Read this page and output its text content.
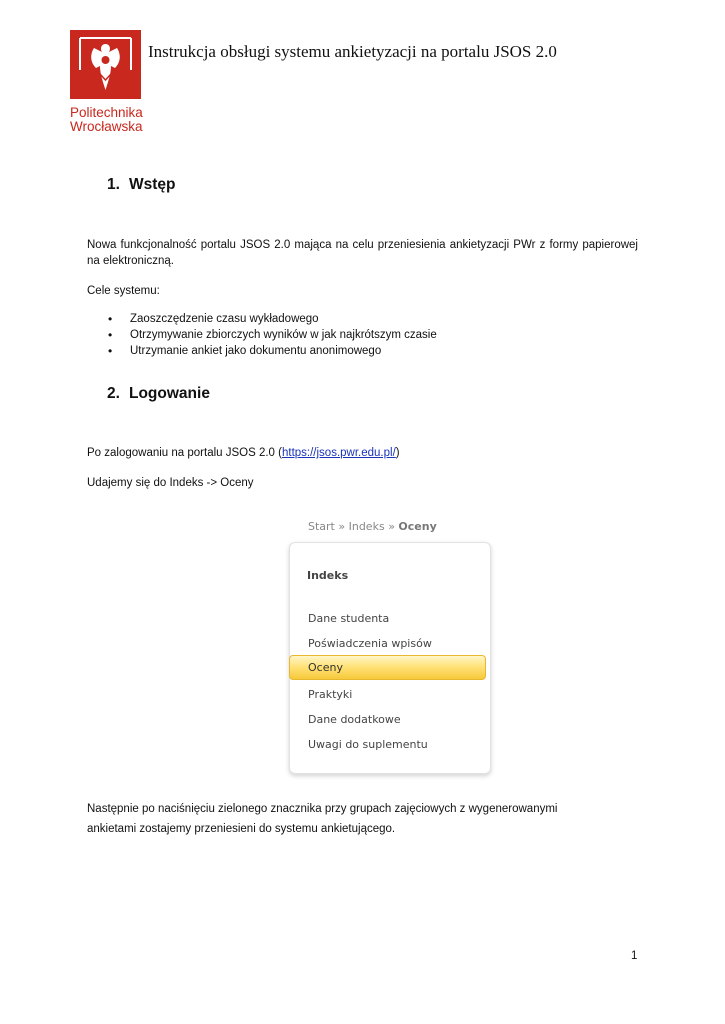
Politechnika
Wrocławska
Instrukcja obsługi systemu ankietyzacji na portalu JSOS 2.0
1. Wstęp
Nowa funkcjonalność portalu JSOS 2.0 mająca na celu przeniesienia ankietyzacji PWr z formy papierowej na elektroniczną.
Cele systemu:
• Zaoszczędzenie czasu wykładowego
• Otrzymywanie zbiorczych wyników w jak najkrótszym czasie
• Utrzymanie ankiet jako dokumentu anonimowego
2. Logowanie
Po zalogowaniu na portalu JSOS 2.0 (https://jsos.pwr.edu.pl/)
Udajemy się do Indeks -> Oceny
Start » Indeks » Oceny
Indeks
Dane studenta
Poświadczenia wpisów
Oceny
Praktyki
Dane dodatkowe
Uwagi do suplementu
Następnie po naciśnięciu zielonego znacznika przy grupach zajęciowych z wygenerowanymi
ankietami zostajemy przeniesieni do systemu ankietującego.
1
